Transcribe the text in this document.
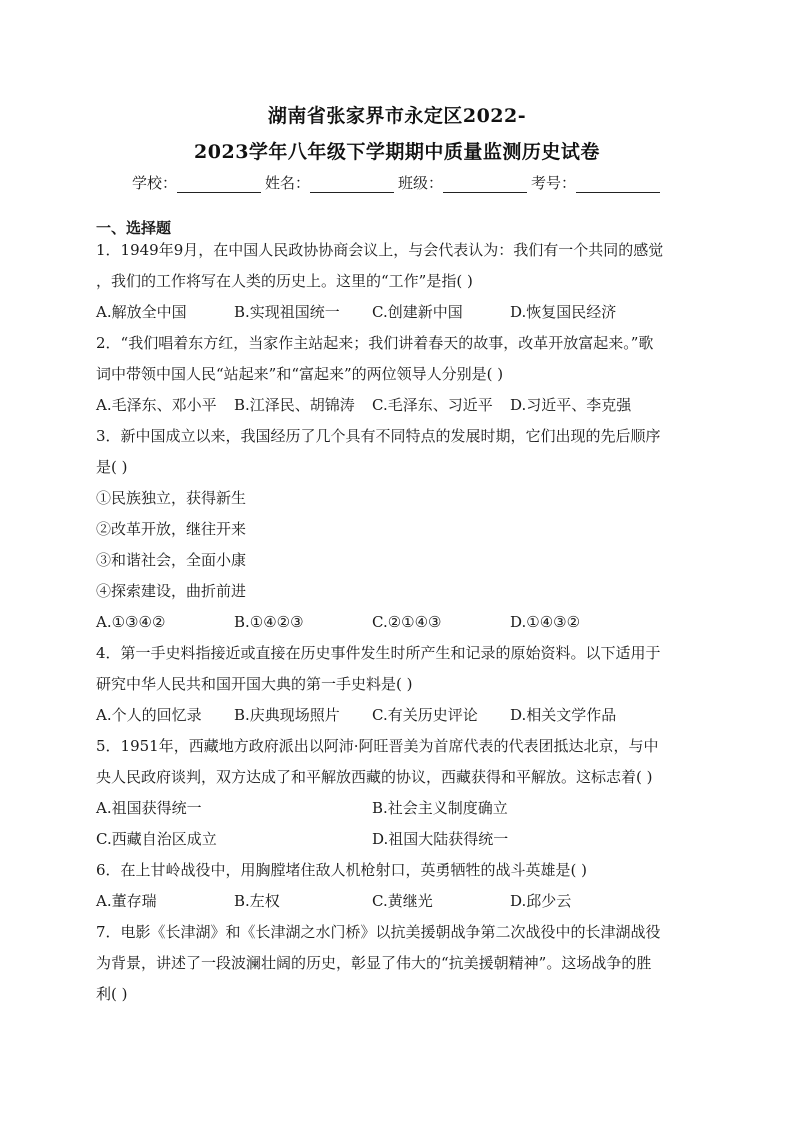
湖南省张家界市永定区2022-
2023学年八年级下学期期中质量监测历史试卷
学校：	姓名：	班级：	考号：
一、选择题
1．1949年9月，在中国人民政协协商会议上，与会代表认为：我们有一个共同的感觉
，我们的工作将写在人类的历史上。这里的“工作”是指( )
A.解放全中国	B.实现祖国统一	C.创建新中国	D.恢复国民经济
2．“我们唱着东方红，当家作主站起来；我们讲着春天的故事，改革开放富起来。”歌
词中带领中国人民“站起来”和“富起来”的两位领导人分别是( )
A.毛泽东、邓小平	B.江泽民、胡锦涛	C.毛泽东、习近平	D.习近平、李克强
3．新中国成立以来，我国经历了几个具有不同特点的发展时期，它们出现的先后顺序
是( )
①民族独立，获得新生
②改革开放，继往开来
③和谐社会，全面小康
④探索建设，曲折前进
A.①③④②	B.①④②③	C.②①④③	D.①④③②
4．第一手史料指接近或直接在历史事件发生时所产生和记录的原始资料。以下适用于
研究中华人民共和国开国大典的第一手史料是( )
A.个人的回忆录	B.庆典现场照片	C.有关历史评论	D.相关文学作品
5．1951年，西藏地方政府派出以阿沛·阿旺晋美为首席代表的代表团抵达北京，与中
央人民政府谈判，双方达成了和平解放西藏的协议，西藏获得和平解放。这标志着( )
A.祖国获得统一	B.社会主义制度确立
C.西藏自治区成立	D.祖国大陆获得统一
6．在上甘岭战役中，用胸膛堵住敌人机枪射口，英勇牺牲的战斗英雄是( )
A.董存瑞	B.左权	C.黄继光	D.邱少云
7．电影《长津湖》和《长津湖之水门桥》以抗美援朝战争第二次战役中的长津湖战役
为背景，讲述了一段波澜壮阔的历史，彰显了伟大的“抗美援朝精神”。这场战争的胜
利( )
